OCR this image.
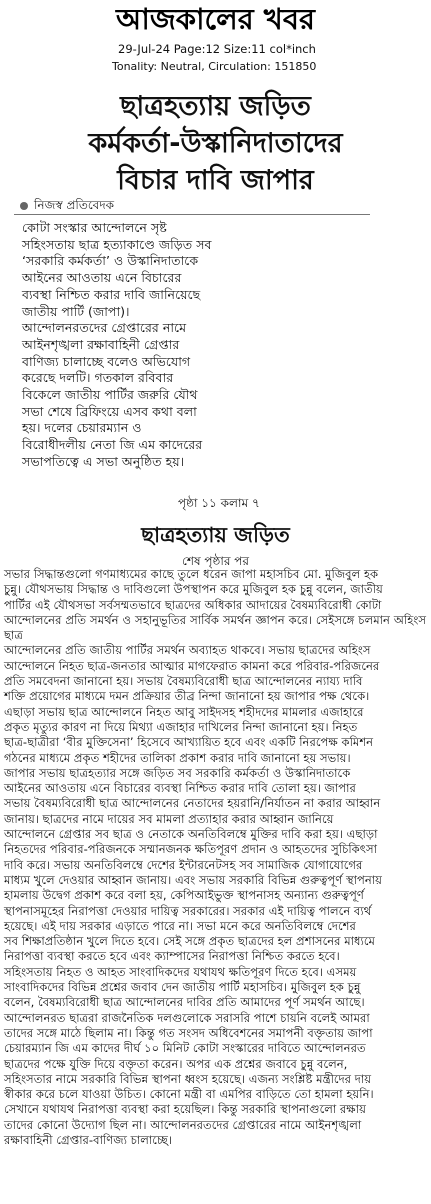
আজকালের খবর
29-Jul-24 Page:12 Size:11 col*inch
Tonality: Neutral, Circulation: 151850
ছাত্রহত্যায় জড়িত
কর্মকর্তা-উস্কানিদাতাদের
বিচার দাবি জাপার
নিজস্ব প্রতিবেদক
কোটা সংস্কার আন্দোলনে সৃষ্ট
সহিংসতায় ছাত্র হত্যাকাণ্ডে জড়িত সব
‘সরকারি কর্মকর্তা’ ও উস্কানিদাতাকে
আইনের আওতায় এনে বিচারের
ব্যবস্থা নিশ্চিত করার দাবি জানিয়েছে
জাতীয় পার্টি (জাপা)।
আন্দোলনরতদের গ্রেপ্তারের নামে
আইনশৃঙ্খলা রক্ষাবাহিনী গ্রেপ্তার
বাণিজ্য চালাচ্ছে বলেও অভিযোগ
করেছে দলটি। গতকাল রবিবার
বিকেলে জাতীয় পার্টির জরুরি যৌথ
সভা শেষে ব্রিফিংয়ে এসব কথা বলা
হয়। দলের চেয়ারম্যান ও
বিরোধীদলীয় নেতা জি এম কাদেরের
সভাপতিত্বে এ সভা অনুষ্ঠিত হয়।
পৃষ্ঠা ১১ কলাম ৭
ছাত্রহত্যায় জড়িত
শেষ পৃষ্ঠার পর
সভার সিদ্ধান্তগুলো গণমাধ্যমের কাছে তুলে ধরেন জাপা মহাসচিব মো. মুজিবুল হক
চুন্নু। যৌথসভায় সিদ্ধান্ত ও দাবিগুলো উপস্থাপন করে মুজিবুল হক চুন্নু বলেন, জাতীয়
পার্টির এই যৌথসভা সর্বসম্মতভাবে ছাত্রদের অধিকার আদায়ের বৈষম্যবিরোধী কোটা
আন্দোলনের প্রতি সমর্থন ও সহানুভূতির সার্বিক সমর্থন জ্ঞাপন করে। সেইসঙ্গে চলমান অহিংস ছাত্র
আন্দোলনের প্রতি জাতীয় পার্টির সমর্থন অব্যাহত থাকবে। সভায় ছাত্রদের অহিংস
আন্দোলনে নিহত ছাত্র-জনতার আত্মার মাগফেরাত কামনা করে পরিবার-পরিজনের
প্রতি সমবেদনা জানানো হয়। সভায় বৈষম্যবিরোধী ছাত্র আন্দোলনের ন্যায্য দাবি
শক্তি প্রয়োগের মাধ্যমে দমন প্রক্রিয়ার তীব্র নিন্দা জানানো হয় জাপার পক্ষ থেকে।
এছাড়া সভায় ছাত্র আন্দোলনে নিহত আবু সাইদসহ শহীদদের মামলার এজাহারে
প্রকৃত মৃত্যুর কারণ না দিয়ে মিথ্যা এজাহার দাখিলের নিন্দা জানানো হয়। নিহত
ছাত্র-ছাত্রীরা ‘বীর মুক্তিসেনা’ হিসেবে আখ্যায়িত হবে এবং একটি নিরপেক্ষ কমিশন
গঠনের মাধ্যমে প্রকৃত শহীদের তালিকা প্রকাশ করার দাবি জানানো হয় সভায়।
জাপার সভায় ছাত্রহত্যার সঙ্গে জড়িত সব সরকারি কর্মকর্তা ও উস্কানিদাতাকে
আইনের আওতায় এনে বিচারের ব্যবস্থা নিশ্চিত করার দাবি তোলা হয়। জাপার
সভায় বৈষম্যবিরোধী ছাত্র আন্দোলনের নেতাদের হয়রানি/নির্যাতন না করার আহ্বান
জানায়। ছাত্রদের নামে দায়ের সব মামলা প্রত্যাহার করার আহ্বান জানিয়ে
আন্দোলনে গ্রেপ্তার সব ছাত্র ও নেতাকে অনতিবিলম্বে মুক্তির দাবি করা হয়। এছাড়া
নিহতদের পরিবার-পরিজনকে সম্মানজনক ক্ষতিপূরণ প্রদান ও আহতদের সুচিকিৎসা
দাবি করে। সভায় অনতিবিলম্বে দেশের ইন্টারনেটসহ সব সামাজিক যোগাযোগের
মাধ্যম খুলে দেওয়ার আহ্বান জানায়। এবং সভায় সরকারি বিভিন্ন গুরুত্বপূর্ণ স্থাপনায়
হামলায় উদ্বেগ প্রকাশ করে বলা হয়, কেপিআইভুক্ত স্থাপনাসহ অন্যান্য গুরুত্বপূর্ণ
স্থাপনাসমূহের নিরাপত্তা দেওয়ার দায়িত্ব সরকারের। সরকার এই দায়িত্ব পালনে ব্যর্থ
হয়েছে। এই দায় সরকার এড়াতে পারে না। সভা মনে করে অনতিবিলম্বে দেশের
সব শিক্ষাপ্রতিষ্ঠান খুলে দিতে হবে। সেই সঙ্গে প্রকৃত ছাত্রদের হল প্রশাসনের মাধ্যমে
নিরাপত্তা ব্যবস্থা করতে হবে এবং ক্যাম্পাসের নিরাপত্তা নিশ্চিত করতে হবে।
সহিংসতায় নিহত ও আহত সাংবাদিকদের যথাযথ ক্ষতিপূরণ দিতে হবে। এসময়
সাংবাদিকদের বিভিন্ন প্রশ্নের জবাব দেন জাতীয় পার্টি মহাসচিব। মুজিবুল হক চুন্নু
বলেন, বৈষম্যবিরোধী ছাত্র আন্দোলনের দাবির প্রতি আমাদের পূর্ণ সমর্থন আছে।
আন্দোলনরত ছাত্ররা রাজনৈতিক দলগুলোকে সরাসরি পাশে চায়নি বলেই আমরা
তাদের সঙ্গে মাঠে ছিলাম না। কিন্তু গত সংসদ অধিবেশনের সমাপনী বক্তৃতায় জাপা
চেয়ারম্যান জি এম কাদের দীর্ঘ ১০ মিনিট কোটা সংস্কারের দাবিতে আন্দোলনরত
ছাত্রদের পক্ষে যুক্তি দিয়ে বক্তৃতা করেন। অপর এক প্রশ্নের জবাবে চুন্নু বলেন,
সহিংসতার নামে সরকারি বিভিন্ন স্থাপনা ধ্বংস হয়েছে। এজন্য সংশ্লিষ্ট মন্ত্রীদের দায়
স্বীকার করে চলে যাওয়া উচিত। কোনো মন্ত্রী বা এমপির বাড়িতে তো হামলা হয়নি।
সেখানে যথাযথ নিরাপত্তা ব্যবস্থা করা হয়েছিল। কিন্তু সরকারি স্থাপনাগুলো রক্ষায়
তাদের কোনো উদ্যোগ ছিল না। আন্দোলনরতদের গ্রেপ্তারের নামে আইনশৃঙ্খলা
রক্ষাবাহিনী গ্রেপ্তার-বাণিজ্য চালাচ্ছে।
